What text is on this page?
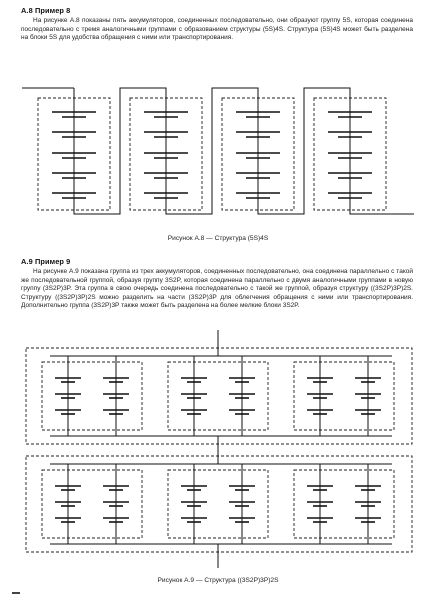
А.8 Пример 8
На рисунке А.8 показаны пять аккумуляторов, соединенных последовательно, они образуют группу 5S, которая соединена последовательно с тремя аналогичными группами с образованием структуры (5S)4S. Структура (5S)4S может быть разделена на блоки 5S для удобства обращения с ними или транспортирования.
Рисунок А.8 — Структура (5S)4S
А.9 Пример 9
На рисунке А.9 показана группа из трех аккумуляторов, соединенных последовательно, она соединена параллельно с такой же последовательной группой, образуя группу 3S2P, которая соединена параллельно с двумя аналогичными группами в новую группу (3S2P)3P. Эта группа в свою очередь соединена последовательно с такой же группой, образуя структуру ((3S2P)3P)2S. Структуру ((3S2P)3P)2S можно разделить на части (3S2P)3P для облегчения обращения с ними или транспортирования. Дополнительно группа (3S2P)3P также может быть разделена на более мелкие блоки 3S2P.
Рисунок А.9 — Структура ((3S2P)3P)2S
